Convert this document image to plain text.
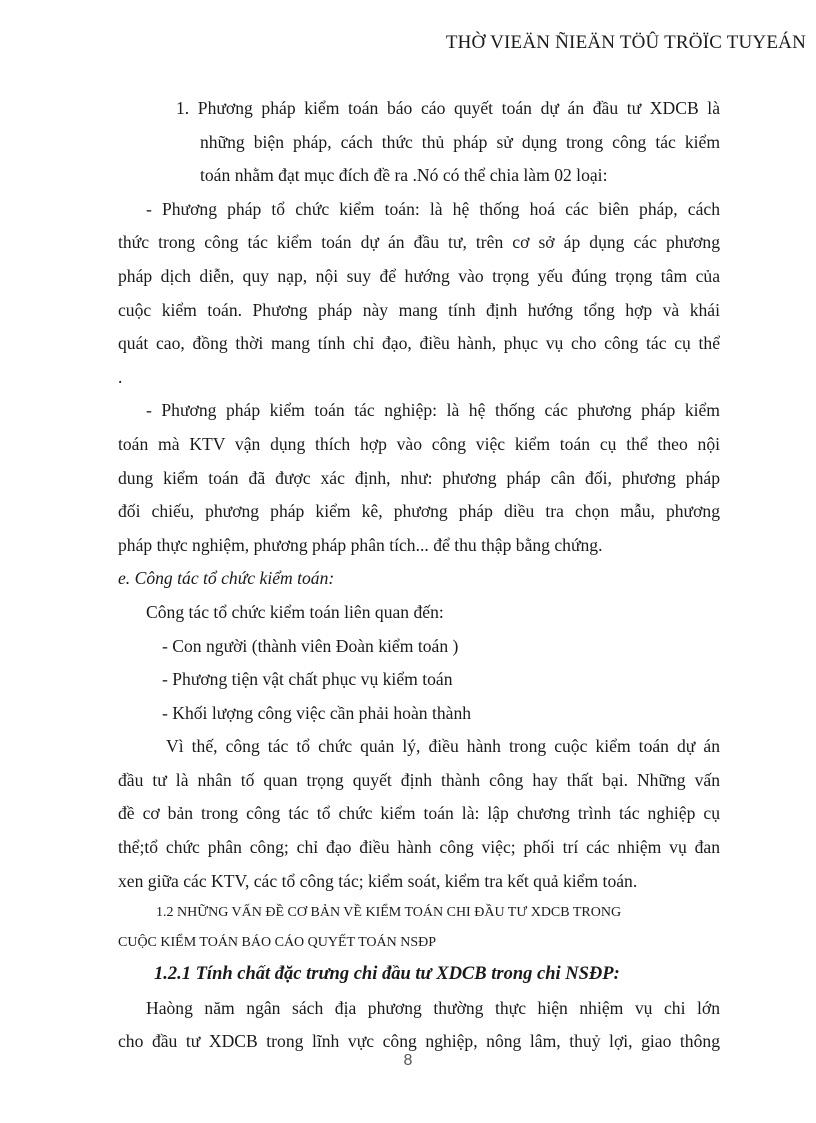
THỜ VIEÄN ÑIEÄN TÖÛ TRÖÏC TUYEÁN
1. Phương pháp kiểm toán báo cáo quyết toán dự án đầu tư XDCB là
những biện pháp, cách thức thủ pháp sử dụng trong công tác kiểm
toán nhằm đạt mục đích đề ra .Nó có thể chia làm 02 loại:
- Phương pháp tổ chức kiểm toán: là hệ thống hoá các biên pháp, cách
thức trong công tác kiểm toán dự án đầu tư, trên cơ sở áp dụng các phương
pháp dịch diễn, quy nạp, nội suy để hướng vào trọng yếu đúng trọng tâm của
cuộc kiểm toán. Phương pháp này mang tính định hướng tổng hợp và khái
quát cao, đồng thời mang tính chỉ đạo, điều hành, phục vụ cho công tác cụ thể
.
- Phương pháp kiểm toán tác nghiệp: là hệ thống các phương pháp kiểm
toán mà KTV vận dụng thích hợp vào công việc kiểm toán cụ thể theo nội
dung kiểm toán đã được xác định, như: phương pháp cân đối, phương pháp
đối chiếu, phương pháp kiểm kê, phương pháp diều tra chọn mẫu, phương
pháp thực nghiệm, phương pháp phân tích... để thu thập bằng chứng.
e. Công tác tổ chức kiểm toán:
Công tác tổ chức kiểm toán liên quan đến:
- Con người (thành viên Đoàn kiểm toán )
- Phương tiện vật chất phục vụ kiểm toán
- Khối lượng công việc cần phải hoàn thành
Vì thế, công tác tổ chức quản lý, điều hành trong cuộc kiểm toán dự án
đầu tư là nhân tố quan trọng quyết định thành công hay thất bại. Những vấn
đề cơ bản trong công tác tổ chức kiểm toán là: lập chương trình tác nghiệp cụ
thể;tổ chức phân công; chỉ đạo điều hành công việc; phối trí các nhiệm vụ đan
xen giữa các KTV, các tổ công tác; kiểm soát, kiểm tra kết quả kiểm toán.
1.2 NHỮNG VẤN ĐỀ CƠ BẢN VỀ KIỂM TOÁN CHI ĐẦU TƯ XDCB TRONG
CUỘC KIỂM TOÁN BÁO CÁO QUYẾT TOÁN NSĐP
1.2.1 Tính chất đặc trưng chi đầu tư XDCB trong chi NSĐP:
Haòng năm ngân sách địa phương thường thực hiện nhiệm vụ chi lớn
cho đầu tư XDCB trong lĩnh vực công nghiệp, nông lâm, thuỷ lợi, giao thông
8
